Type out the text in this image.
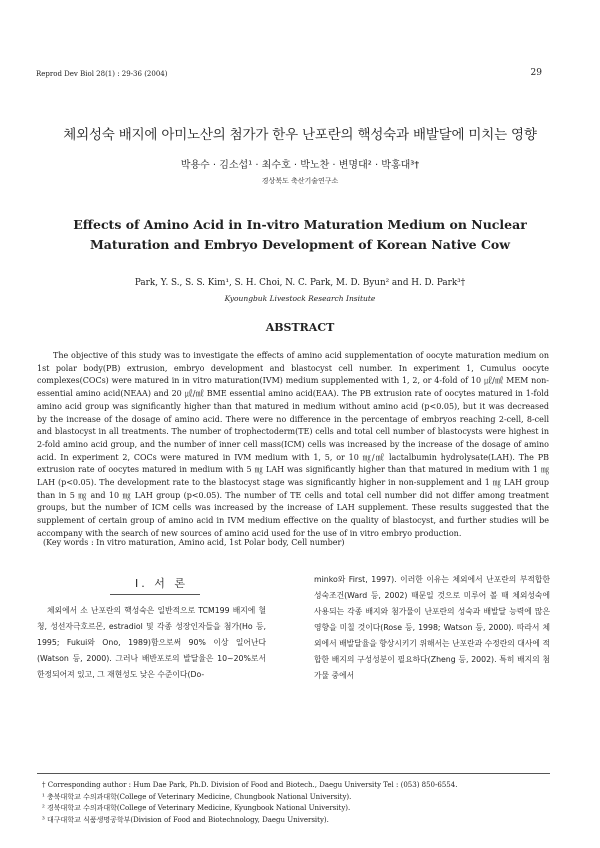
Reprod Dev Biol 28(1) : 29-36 (2004)	29
체외성숙 배지에 아미노산의 첨가가 한우 난포란의 핵성숙과 배발달에 미치는 영향
박용수 · 김소섭¹ · 최수호 · 박노찬 · 변명대² · 박홍대³†
경상북도 축산기술연구소
Effects of Amino Acid in In-vitro Maturation Medium on Nuclear Maturation and Embryo Development of Korean Native Cow
Park, Y. S., S. S. Kim¹, S. H. Choi, N. C. Park, M. D. Byun² and H. D. Park³†
Kyoungbuk Livestock Research Insitute
ABSTRACT

The objective of this study was to investigate the effects of amino acid supplementation of oocyte maturation medium on 1st polar body(PB) extrusion, embryo development and blastocyst cell number. In experiment 1, Cumulus oocyte complexes(COCs) were matured in in vitro maturation(IVM) medium supplemented with 1, 2, or 4-fold of 10 ㎕/㎖ MEM non-essential amino acid(NEAA) and 20 ㎕/㎖ BME essential amino acid(EAA). The PB extrusion rate of oocytes matured in 1-fold amino acid group was significantly higher than that matured in medium without amino acid (p<0.05), but it was decreased by the increase of the dosage of amino acid. There were no difference in the percentage of embryos reaching 2-cell, 8-cell and blastocyst in all treatments. The number of trophectoderm(TE) cells and total cell number of blastocysts were highest in 2-fold amino acid group, and the number of inner cell mass(ICM) cells was increased by the increase of the dosage of amino acid. In experiment 2, COCs were matured in IVM medium with 1, 5, or 10 ㎎/㎖ lactalbumin hydrolysate(LAH). The PB extrusion rate of oocytes matured in medium with 5 ㎎ LAH was significantly higher than that matured in medium with 1 ㎎ LAH (p<0.05). The development rate to the blastocyst stage was significantly higher in non-supplement and 1 ㎎ LAH group than in 5 ㎎ and 10 ㎎ LAH group (p<0.05). The number of TE cells and total cell number did not differ among treatment groups, but the number of ICM cells was increased by the increase of LAH supplement. These results suggested that the supplement of certain group of amino acid in IVM medium effective on the quality of blastocyst, and further studies will be accompany with the search of new sources of amino acid used for the use of in vitro embryo production.

(Key words : In vitro maturation, Amino acid, 1st Polar body, Cell number)
Ⅰ. 서 론
체외에서 소 난포란의 핵성숙은 일반적으로 TCM199 배지에 혈청, 성선자극호르몬, estradiol 및 각종 성장인자들을 첨가(Ho 등, 1995; Fukui와 Ono, 1989)함으로써 90% 이상 일어난다(Watson 등, 2000). 그러나 배반포로의 발달율은 10~20%로서 한정되어져 있고, 그 재현성도 낮은 수준이다(Do-
minko와 First, 1997). 이러한 이유는 체외에서 난포란의 부적합한 성숙조건(Ward 등, 2002) 때문일 것으로 미루어 볼 때 체외성숙에 사용되는 각종 배지와 첨가물이 난포란의 성숙과 배발달 능력에 많은 영향을 미칠 것이다(Rose 등, 1998; Watson 등, 2000). 따라서 체외에서 배발달율을 향상시키기 위해서는 난포란과 수정란의 대사에 적합한 배지의 구성성분이 필요하다(Zheng 등, 2002). 특히 배지의 첨가물 중에서
† Corresponding author : Hum Dae Park, Ph.D. Division of Food and Biotech., Daegu University Tel : (053) 850-6554.
¹ 충북대학교 수의과대학(College of Veterinary Medicine, Chungbook National University).
² 경북대학교 수의과대학(College of Veterinary Medicine, Kyungbook National University).
³ 대구대학교 식품생명공학부(Division of Food and Biotechnology, Daegu University).
